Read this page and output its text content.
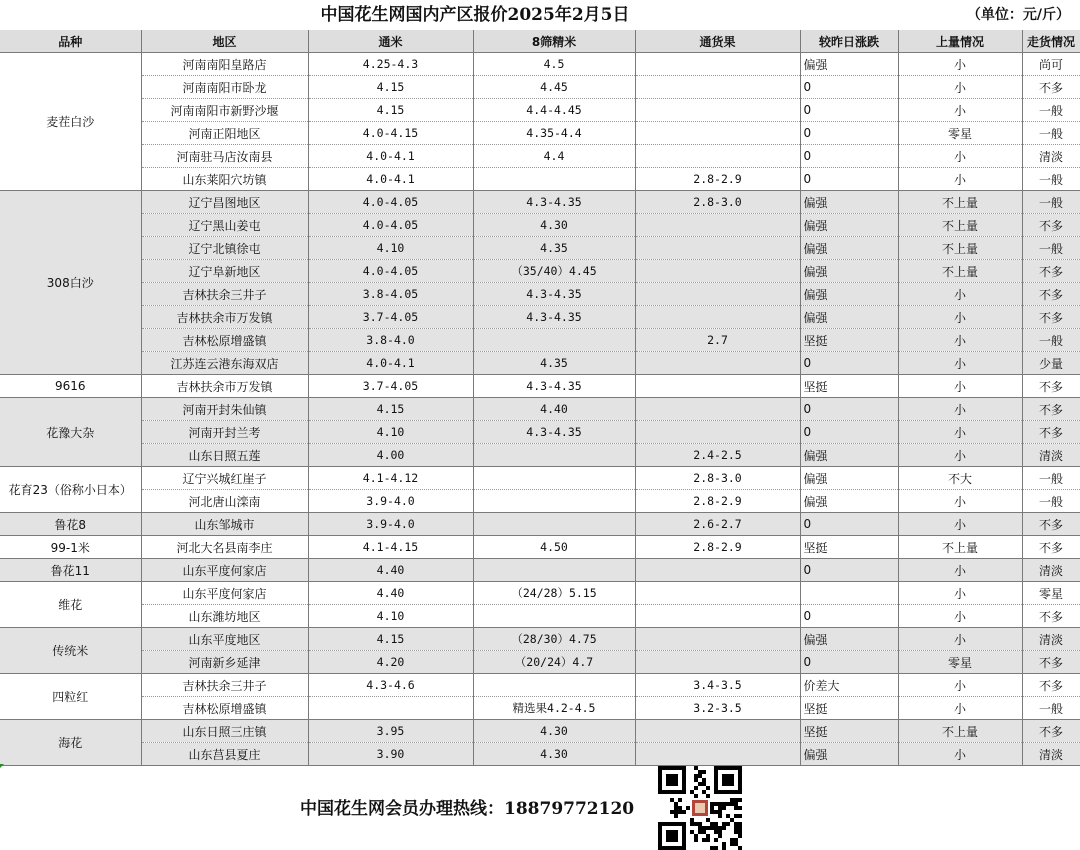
中国花生网国内产区报价2025年2月5日	（单位：元/斤）
品种	地区	通米	8筛精米	通货果	较昨日涨跌	上量情况	走货情况
麦茬白沙	河南南阳皇路店	4.25-4.3	4.5		偏强	小	尚可
	河南南阳市卧龙	4.15	4.45		0	小	不多
	河南南阳市新野沙堰	4.15	4.4-4.45		0	小	一般
	河南正阳地区	4.0-4.15	4.35-4.4		0	零星	一般
	河南驻马店汝南县	4.0-4.1	4.4		0	小	清淡
	山东莱阳穴坊镇	4.0-4.1		2.8-2.9	0	小	一般
308白沙	辽宁昌图地区	4.0-4.05	4.3-4.35	2.8-3.0	偏强	不上量	一般
	辽宁黑山姜屯	4.0-4.05	4.30		偏强	不上量	不多
	辽宁北镇徐屯	4.10	4.35		偏强	不上量	一般
	辽宁阜新地区	4.0-4.05	（35/40）4.45		偏强	不上量	不多
	吉林扶余三井子	3.8-4.05	4.3-4.35		偏强	小	不多
	吉林扶余市万发镇	3.7-4.05	4.3-4.35		偏强	小	不多
	吉林松原增盛镇	3.8-4.0		2.7	坚挺	小	一般
	江苏连云港东海双店	4.0-4.1	4.35		0	小	少量
9616	吉林扶余市万发镇	3.7-4.05	4.3-4.35		坚挺	小	不多
花豫大杂	河南开封朱仙镇	4.15	4.40		0	小	不多
	河南开封兰考	4.10	4.3-4.35		0	小	不多
	山东日照五莲	4.00		2.4-2.5	偏强	小	清淡
花育23（俗称小日本）	辽宁兴城红崖子	4.1-4.12		2.8-3.0	偏强	不大	一般
	河北唐山滦南	3.9-4.0		2.8-2.9	偏强	小	一般
鲁花8	山东邹城市	3.9-4.0		2.6-2.7	0	小	不多
99-1米	河北大名县南李庄	4.1-4.15	4.50	2.8-2.9	坚挺	不上量	不多
鲁花11	山东平度何家店	4.40			0	小	清淡
维花	山东平度何家店	4.40	（24/28）5.15			小	零星
	山东潍坊地区	4.10			0	小	不多
传统米	山东平度地区	4.15	（28/30）4.75		偏强	小	清淡
	河南新乡延津	4.20	（20/24）4.7		0	零星	不多
四粒红	吉林扶余三井子	4.3-4.6		3.4-3.5	价差大	小	不多
	吉林松原增盛镇		精选果4.2-4.5	3.2-3.5	坚挺	小	一般
海花	山东日照三庄镇	3.95	4.30		坚挺	不上量	不多
	山东莒县夏庄	3.90	4.30		偏强	小	清淡
中国花生网会员办理热线：18879772120
